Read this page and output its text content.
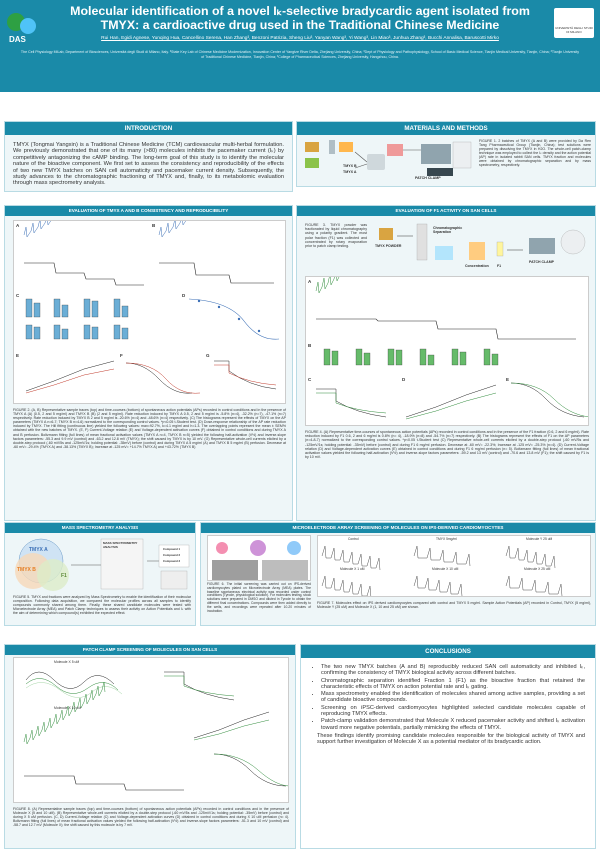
DAS
Molecular identification of a novel Iₖ-selective bradycardic agent isolated from TMYX: a cardioactive drug used in the Traditional Chinese Medicine
Rui Han, Egidi Agnese, Yunqing Hua, Cancellino Serena, Han Zhang³, Benzoni Patrizia, Sheng Liu³, Yanyan Wang³, Yi Wang³, Lin Miao³, Junhua Zhang³, Bucchi Annalisa, Baruscotti Mirko
The Cell Physiology MiLab, Department of Biosciences, Università degli Studi di Milano, Italy. ³State Key Lab of Chinese Medicine Modernization, Innovation Center of Yangtze River Delta, Zhejiang University, China; ³Dept of Physiology and Pathophysiology, School of Basic Medical Science, Tianjin Medical University, Tianjin, China; ³Tianjin University of Traditional Chinese Medicine, Tianjin, China; ³College of Pharmaceutical Sciences, Zhejiang University, Hangzhou, China.
UNIVERSITÀ DEGLI STUDI DI MILANO
INTRODUCTION
TMYX (Tongmai Yangxin) is a Traditional Chinese Medicine (TCM) cardiovascular multi-herbal formulation. We previously demonstrated that one of its many (>80) molecules inhibits the pacemaker current (Iₖ) by competitively antagonizing the cAMP binding. The long-term goal of this study is to identify the molecular nature of the bioactive component. We first set to assess the consistency and reproducibility of the effects of two new TMYX batches on SAN cell automaticity and pacemaker current density. Subsequently, the study advances to the chromatographic fractioning of TMYX and, finally, to its metabolomic evaluation through mass spectrometry analysis.
MATERIALS AND METHODS
TMYX B
TMYX A
PATCH CLAMP
FIGURE 1. 2 batches of TMYX (A and B) were provided by Da Ren Tang Pharmaceutical Group (Tianjin, China); test solutions were prepared by dissolving the TMYX in H2O. The whole-cell patch-clamp technique was employed to collect the Iₖ density and the action potential (AP) rate in isolated rabbit SAN cells. TMYX fraction and molecules were obtained by chromatographic separation and by mass spectrometry, respectively.
EVALUATION OF TMYX A AND B CONSISTENCY AND REPRODUCIBILITY
A	B
C	D
E	F	G
FIGURE 2. (A, B) Representative sample traces (top) and time-courses (bottom) of spontaneous action potentials (APs) recorded in control conditions and in the presence of TMYX A (A) (0.5, 2 and 5 mg/ml) and TMYX B (B) (2 and 5 mg/ml). Rate reduction induced by TMYX A 0.5, 2 and 5 mg/ml is -5.8% (n=4), -32.2% (n=7), -47.1% (n=7) respectively. Rate reduction induced by TMYX B 2 and 5 mg/ml is -20.6% (n=4) and -48.6% (n=4) respectively. (C) The histograms represent the effects of TMYX on the AP parameters (TMYX A n=6-7; TMYX B n=4-6) normalized to the corresponding control values. *p<0.05 t-Student test. (D) Dose-response relationship of the AP rate reduction induced by TMYX. The Hill fitting (continuous line) yielded the following values: max=92.7%, k=4.1 mg/ml and h=1.3. The overlapping points represent the mean ± SEM% obtained with the new batches of TMYX. (E, F) Current-Voltage relation (E) and Voltage-dependent activation curves (F) obtained in control conditions and during TMYX A and B perfusion. Boltzmann fitting (full lines) of mean fractional activation values (TMYX A n=4, TMYX B n=5) yielded the following half-activation (V½) and inverse-slope factors parameters: -55.3 and 9.9 mV (control) and -63.2 and 12.8 mV (TMYX); the shift caused by TMYX is by 10 mV. (G) Representative whole-cell currents elicited by a double-step protocol (-60 mV/5s and -125mV/1s; holding potential: -35mV) before (control) and during TMYX A 5 mg/ml (A) and TMYX B 5 mg/ml (B) perfusion. Decrease at -60 mV= -29.4% (TMYX A) and -38.13% (TMYX B); Increase at -125 mV= +14.7% TMYX A) and +43.72% (TMYX B)
EVALUATION OF F1 ACTIVITY ON SAN CELLS
FIGURE 3. TMYX powder was fractionated by liquid chromatography using a polarity gradient. The most polar fraction (F1) was collected and concentrated by rotary evaporation prior to patch clamp testing.
Chromatographic Separation
TMYX POWDER
Concentration F1
PATCH CLAMP
A
B
C	D	E
FIGURE 4. (A) Representative time-courses of spontaneous action potentials (APs) recorded in control conditions and in the presence of the F1 fraction (0.6, 2 and 6 mg/ml). Rate reduction induced by F1 0.6, 2 and 6 mg/ml is 0.8% (n= 4), -18.9% (n=8) and -54.7% (n=7) respectively. (B) The histograms represent the effects of F1 on the AP parameters (n=4-8-7) normalized to the corresponding control values. *p<0.05 t-Student test (C) Representative whole-cell currents elicited by a double-step protocol (-60 mV/5s and -125mV/1s; holding potential: -35mV) before (control) and during F1 6 mg/ml perfusion. Decrease at -60 mV= -22.3%; Increase at -125 mV= -25.3% (n=4). (D) Current-Voltage relation (D) and Voltage-dependent activation curves (E) obtained in control conditions and during F1 6 mg/ml perfusion (n= 5). Boltzmann fitting (full lines) of mean fractional activation values yielded the following half-activation (V½) and inverse-slope factors parameters: -59.2 and 13 mV (control) and -70.6 and 13.8 mV (F1); the shift caused by F1 is by 10 mV.
MASS SPECTROMETRY ANALYSIS
TMYX A
TMYX B
F1
MASS SPECTROMETRY ANALYSIS	Compound 1
Compound 2
Compound 3
FIGURE 5. TMYX and fractions were analyzed by Mass Spectrometry to enable the identification of their molecular composition. Following data acquisition, we compared the molecular profiles across all samples to identify compounds commonly shared among them. Finally, these shared candidate molecules were tested with Microelectrode Array (MEA) and Patch Clamp techniques to assess their activity on Action Potentials and Iₖ with the aim of determining which compound(s) exhibited the expected effect.
MICROELECTRODE ARRAY SCREENING OF MOLECULES ON IPS-DERIVED CARDIOMYOCYTES
FIGURE 6. The initial screening was carried out on IPS-derived cardiomyocytes plated on Microelectrode Array (MEA) plates. The baseline spontaneous electrical activity was recorded under control conditions (Tyrode, physiological solution). For molecules testing, stock solutions were prepared in DMSO and diluted in Tyrode to obtain the different final concentrations. Compounds were then added directly to the wells, and recordings were repeated after 10-20 minutes of incubation.
Control	TMYX 5mg/ml	Molecule Y 25 uM
Molecule X 1 uM	Molecule X 10 uM	Molecule X 25 uM
FIGURE 7. Molecules effect on IPS derived cardiomyocytes compared with control and TMYX 5 mg/ml. Sample Action Potentials (AP) recorded in Control, TMYX (5 mg/ml), Molecule Y (25 uM) and Molecule X (1, 10 and 25 uM) are shown.
PATCH CLAMP SCREENING OF MOLECULES ON SAN CELLS
Molecule X 5 uM
Molecule X 10 uM
FIGURE 8. (A) Representative sample traces (top) and time-courses (bottom) of spontaneous action potentials (APs) recorded in control conditions and in the presence of Molecule X (5 and 10 uM). (B) Representative whole-cell currents elicited by a double-step protocol (-60 mV/5s and -125mV/1s; holding potential: -35mV) before (control) and during X 5 uM perfusion. (C, D) Current-Voltage relation (C) and Voltage-dependent activation curves (D) obtained in control conditions and during X 10 uM perfusion (n= 4). Boltzmann fitting (full lines) of mean fractional activation values yielded the following half-activation (V½) and inverse-slope factors parameters: -51.3 and 10 mV (control) and -58.7 and 12.7 mV (Molecule X); the shift caused by this molecule is by 7 mV.
CONCLUSIONS
• The two new TMYX batches (A and B) reproducibly reduced SAN cell automaticity and inhibited Iₖ, confirming the consistency of TMYX biological activity across different batches.
• Chromatographic separation identified Fraction 1 (F1) as the bioactive fraction that retained the characteristic effects of TMYX on action potential rate and Iₖ gating.
• Mass spectrometry enabled the identification of molecules shared among active samples, providing a set of candidate bioactive compounds.
• Screening on iPSC-derived cardiomyocytes highlighted selected candidate molecules capable of reproducing TMYX effects.
• Patch-clamp validation demonstrated that Molecule X reduced pacemaker activity and shifted Iₖ activation toward more negative potentials, partially mimicking the effects of TMYX.

These findings identify promising candidate molecules responsible for the biological activity of TMYX and support further investigation of Molecule X as a potential mediator of its bradycardic action.
